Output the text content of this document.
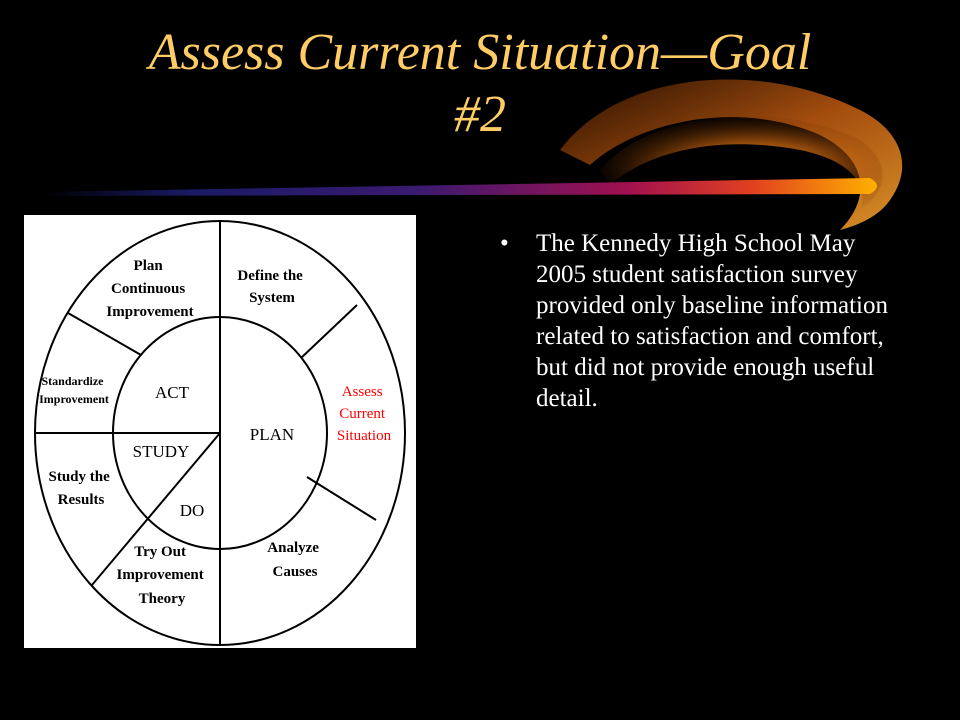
Assess Current Situation—Goal
#2
Define the System
Assess Current Situation
Analyze Causes
Try Out Improvement Theory
Study the Results
Standardize Improvement
Plan Continuous Improvement
PLAN
ACT
STUDY
DO
• The Kennedy High School May 2005 student satisfaction survey provided only baseline information related to satisfaction and comfort, but did not provide enough useful detail.
